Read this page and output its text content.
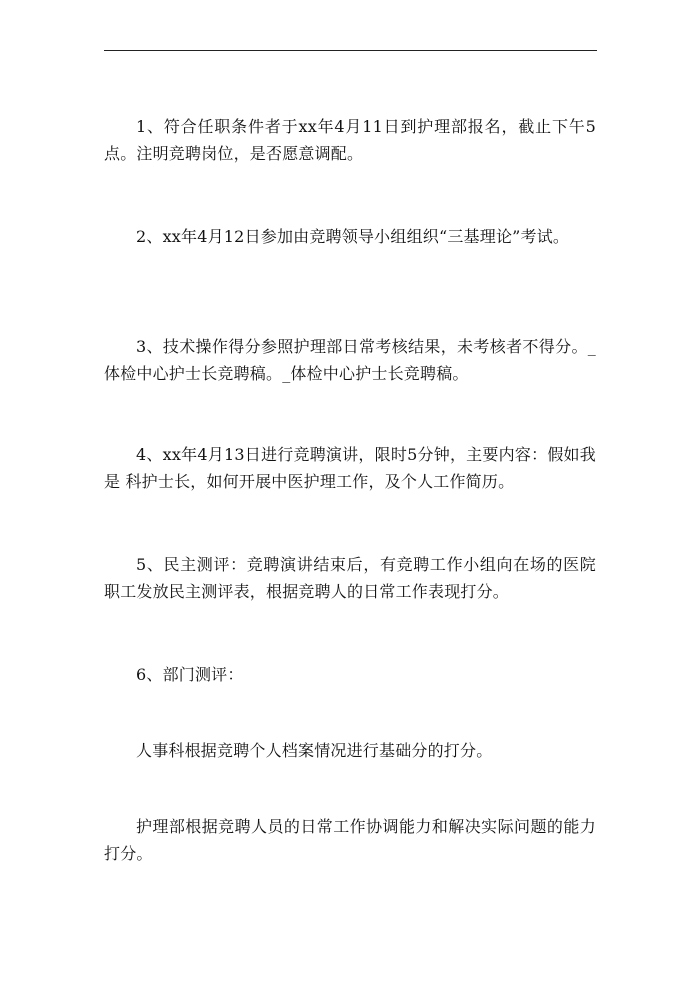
1、符合任职条件者于xx年4月11日到护理部报名，截止下午5点。注明竞聘岗位，是否愿意调配。

2、xx年4月12日参加由竞聘领导小组组织“三基理论”考试。

3、技术操作得分参照护理部日常考核结果，未考核者不得分。_体检中心护士长竞聘稿。_体检中心护士长竞聘稿。

4、xx年4月13日进行竞聘演讲，限时5分钟，主要内容：假如我是 科护士长，如何开展中医护理工作，及个人工作简历。

5、民主测评：竞聘演讲结束后，有竞聘工作小组向在场的医院职工发放民主测评表，根据竞聘人的日常工作表现打分。

6、部门测评：

人事科根据竞聘个人档案情况进行基础分的打分。

护理部根据竞聘人员的日常工作协调能力和解决实际问题的能力打分。
